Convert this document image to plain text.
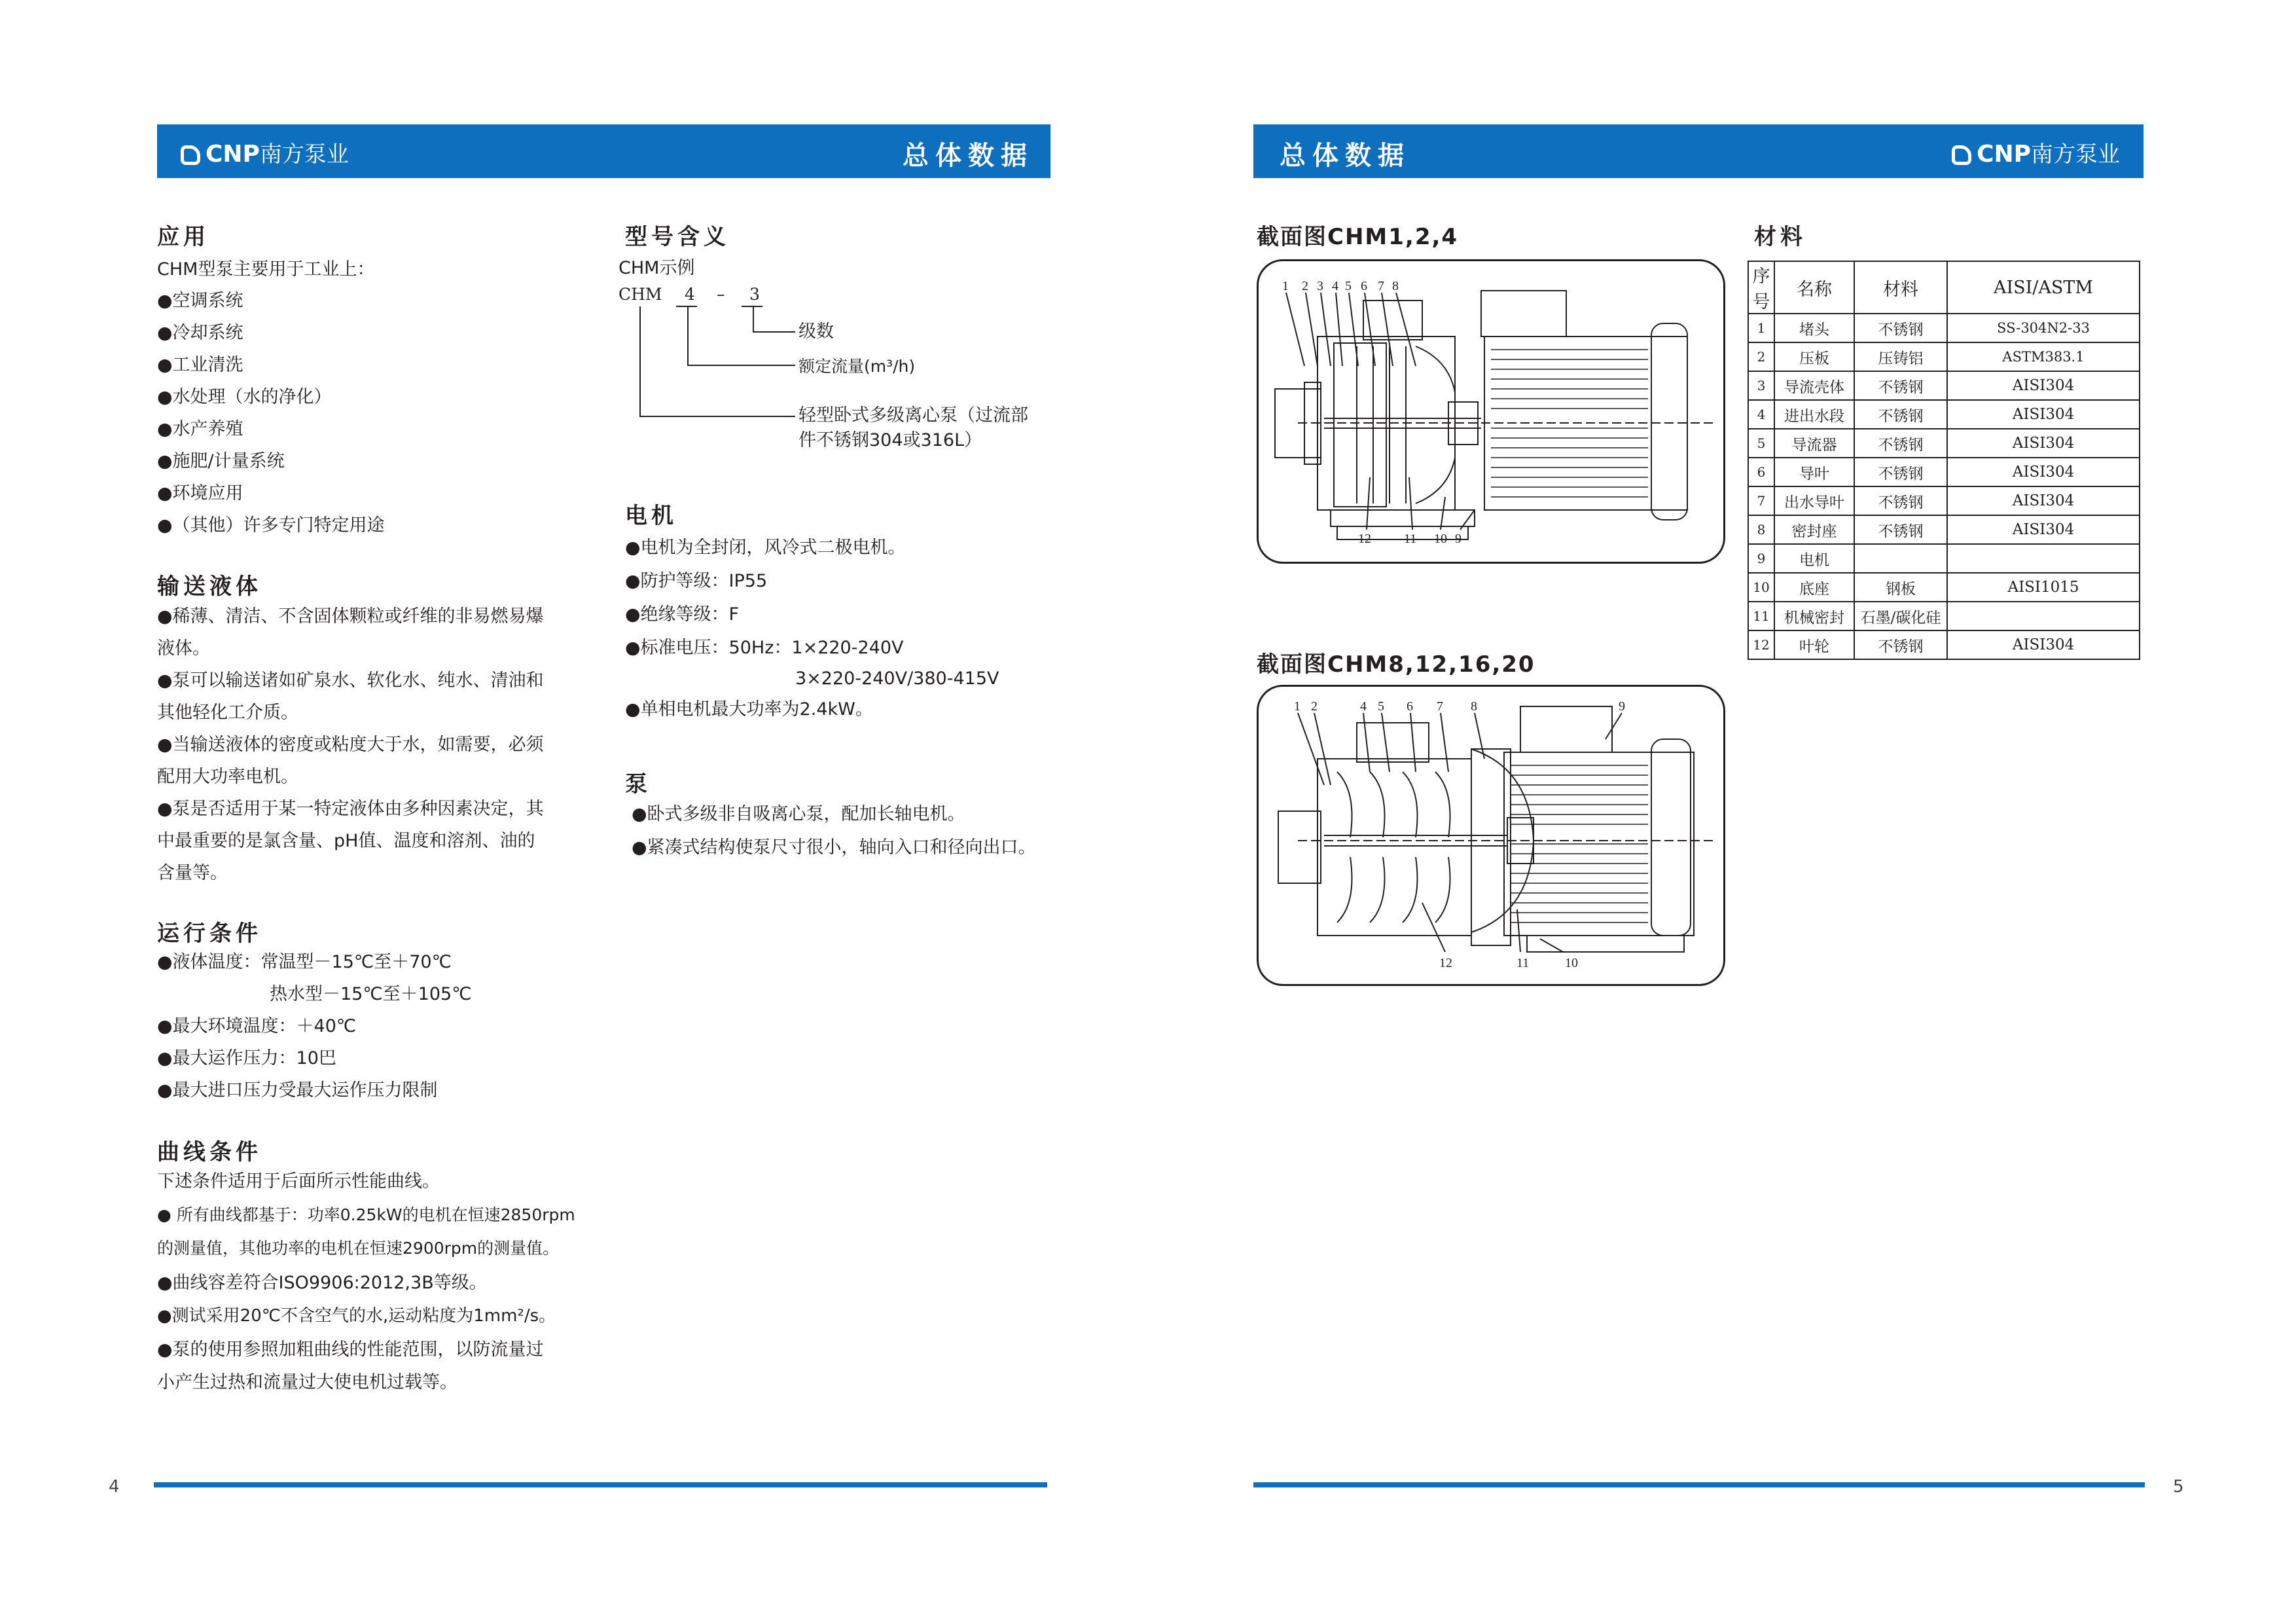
CNP南方泵业	总体数据
应用
CHM型泵主要用于工业上：
●空调系统
●冷却系统
●工业清洗
●水处理（水的净化）
●水产养殖
●施肥/计量系统
●环境应用
●（其他）许多专门特定用途
输送液体
●稀薄、清洁、不含固体颗粒或纤维的非易燃易爆
液体。
●泵可以输送诸如矿泉水、软化水、纯水、清油和
其他轻化工介质。
●当输送液体的密度或粘度大于水，如需要，必须
配用大功率电机。
●泵是否适用于某一特定液体由多种因素决定，其
中最重要的是氯含量、pH值、温度和溶剂、油的
含量等。
运行条件
●液体温度：常温型－15℃至＋70℃
热水型－15℃至＋105℃
●最大环境温度：＋40℃
●最大运作压力：10巴
●最大进口压力受最大运作压力限制
曲线条件
下述条件适用于后面所示性能曲线。
● 所有曲线都基于：功率0.25kW的电机在恒速2850rpm
的测量值，其他功率的电机在恒速2900rpm的测量值。
●曲线容差符合ISO9906:2012,3B等级。
●测试采用20℃不含空气的水,运动粘度为1mm²/s。
●泵的使用参照加粗曲线的性能范围，以防流量过
小产生过热和流量过大使电机过载等。
型号含义
CHM示例
CHM 4 – 3
级数
额定流量(m³/h)
轻型卧式多级离心泵（过流部
件不锈钢304或316L）
电机
●电机为全封闭，风冷式二极电机。
●防护等级：IP55
●绝缘等级：F
●标准电压：50Hz：1×220-240V
3×220-240V/380-415V
●单相电机最大功率为2.4kW。
泵
●卧式多级非自吸离心泵，配加长轴电机。
●紧凑式结构使泵尺寸很小，轴向入口和径向出口。
4
总体数据	CNP南方泵业
截面图CHM1,2,4	材料
1 2 3 4 5 6 7 8
12	11 10 9
序号	名称	材料	AISI/ASTM
1	堵头	不锈钢	SS-304N2-33
2	压板	压铸铝	ASTM383.1
3	导流壳体	不锈钢	AISI304
4	进出水段	不锈钢	AISI304
5	导流器	不锈钢	AISI304
6	导叶	不锈钢	AISI304
7	出水导叶	不锈钢	AISI304
8	密封座	不锈钢	AISI304
9	电机		
10	底座	钢板	AISI1015
11	机械密封	石墨/碳化硅	
12	叶轮	不锈钢	AISI304
截面图CHM8,12,16,20
1 2	4 5 6 7 8	9
12	11	10
5
